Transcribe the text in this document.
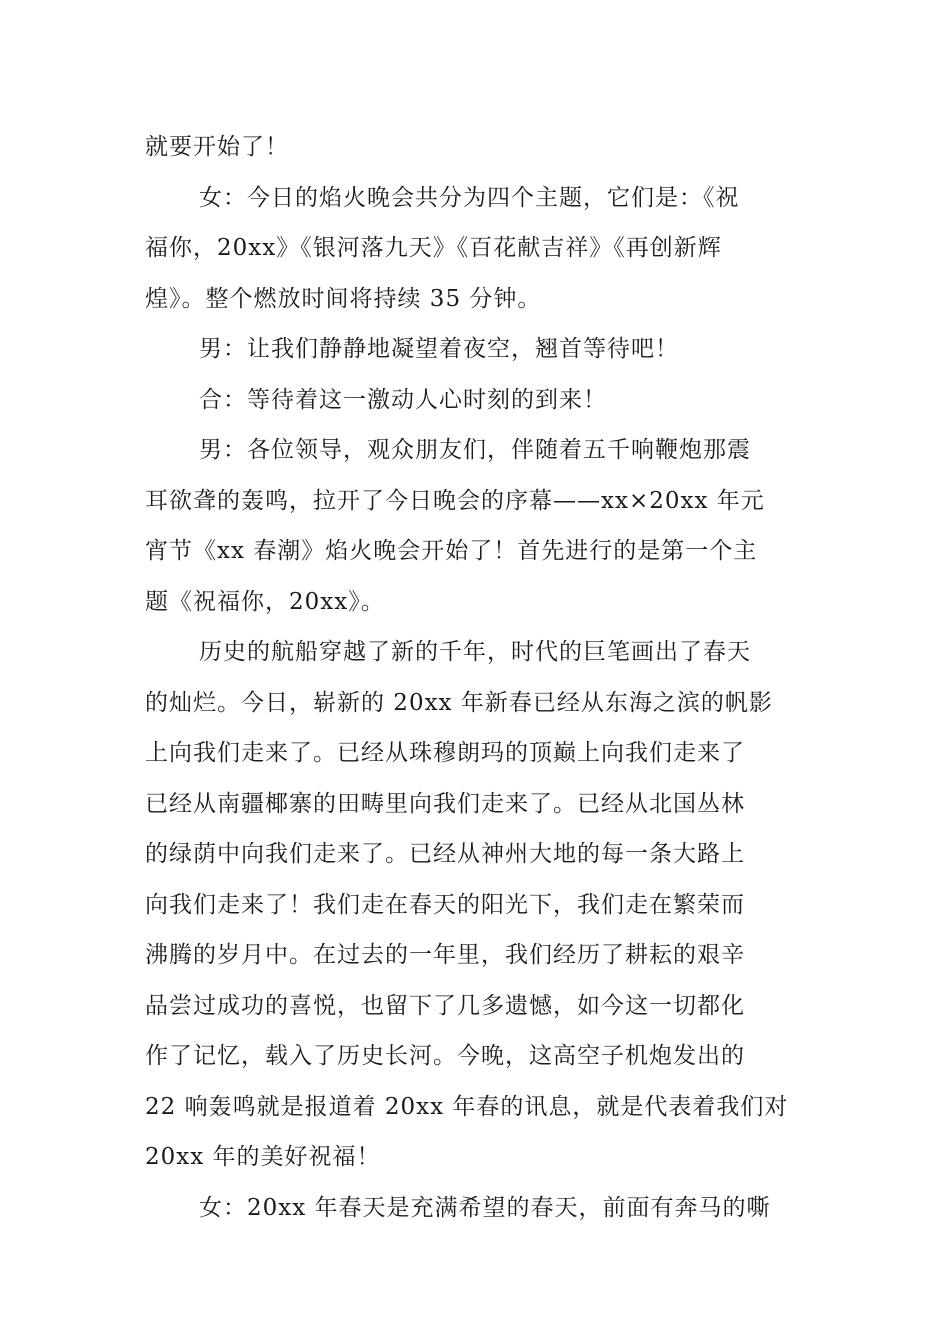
就要开始了！
女：今日的焰火晚会共分为四个主题，它们是：《祝
福你，20xx》《银河落九天》《百花献吉祥》《再创新辉
煌》。整个燃放时间将持续 35 分钟。
男：让我们静静地凝望着夜空，翘首等待吧！
合：等待着这一激动人心时刻的到来！
男：各位领导，观众朋友们，伴随着五千响鞭炮那震
耳欲聋的轰鸣，拉开了今日晚会的序幕——xx×20xx 年元
宵节《xx 春潮》焰火晚会开始了！首先进行的是第一个主
题《祝福你，20xx》。
历史的航船穿越了新的千年，时代的巨笔画出了春天
的灿烂。今日，崭新的 20xx 年新春已经从东海之滨的帆影
上向我们走来了。已经从珠穆朗玛的顶巅上向我们走来了
已经从南疆椰寨的田畴里向我们走来了。已经从北国丛林
的绿荫中向我们走来了。已经从神州大地的每一条大路上
向我们走来了！我们走在春天的阳光下，我们走在繁荣而
沸腾的岁月中。在过去的一年里，我们经历了耕耘的艰辛
品尝过成功的喜悦，也留下了几多遗憾，如今这一切都化
作了记忆，载入了历史长河。今晚，这高空子机炮发出的
22 响轰鸣就是报道着 20xx 年春的讯息，就是代表着我们对
20xx 年的美好祝福！
女：20xx 年春天是充满希望的春天，前面有奔马的嘶
